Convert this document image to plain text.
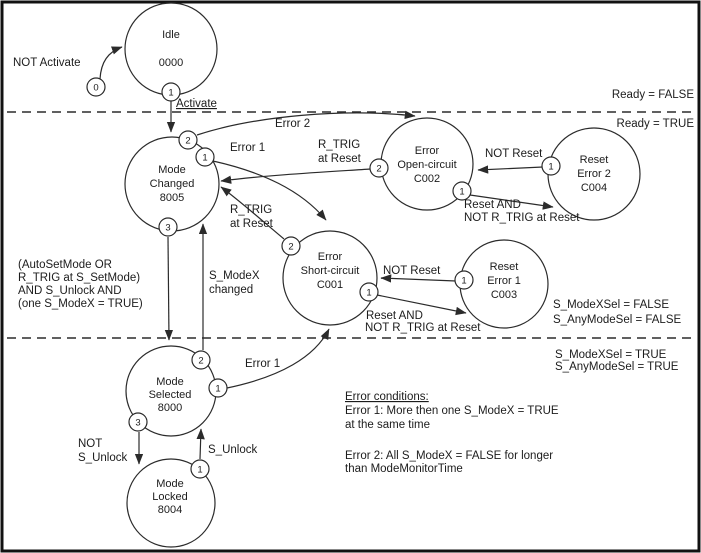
Idle
0000
Mode
Changed
8005
Error
Open-circuit
C002
Reset
Error 2
C004
Error
Short-circuit
C001
Reset
Error 1
C003
Mode
Selected
8000
Mode
Locked
8004
0	1
2
1
3
2
1
1
2
1
1
2
1
3
1
NOT Activate
Activate
Error 2
Error 1	R_TRIG
at Reset
R_TRIG
at Reset
NOT Reset
Reset AND
NOT R_TRIG at Reset
NOT Reset
Reset AND
NOT R_TRIG at Reset
(AutoSetMode OR
R_TRIG at S_SetMode)
AND S_Unlock AND
(one S_ModeX = TRUE)
S_ModeX
changed
Error 1
NOT
S_Unlock
S_Unlock
Ready = FALSE
Ready = TRUE
S_ModeXSel = FALSE
S_AnyModeSel = FALSE
S_ModeXSel = TRUE
S_AnyModeSel = TRUE
Error conditions:
Error 1: More then one S_ModeX = TRUE
at the same time
Error 2: All S_ModeX = FALSE for longer
than ModeMonitorTime
